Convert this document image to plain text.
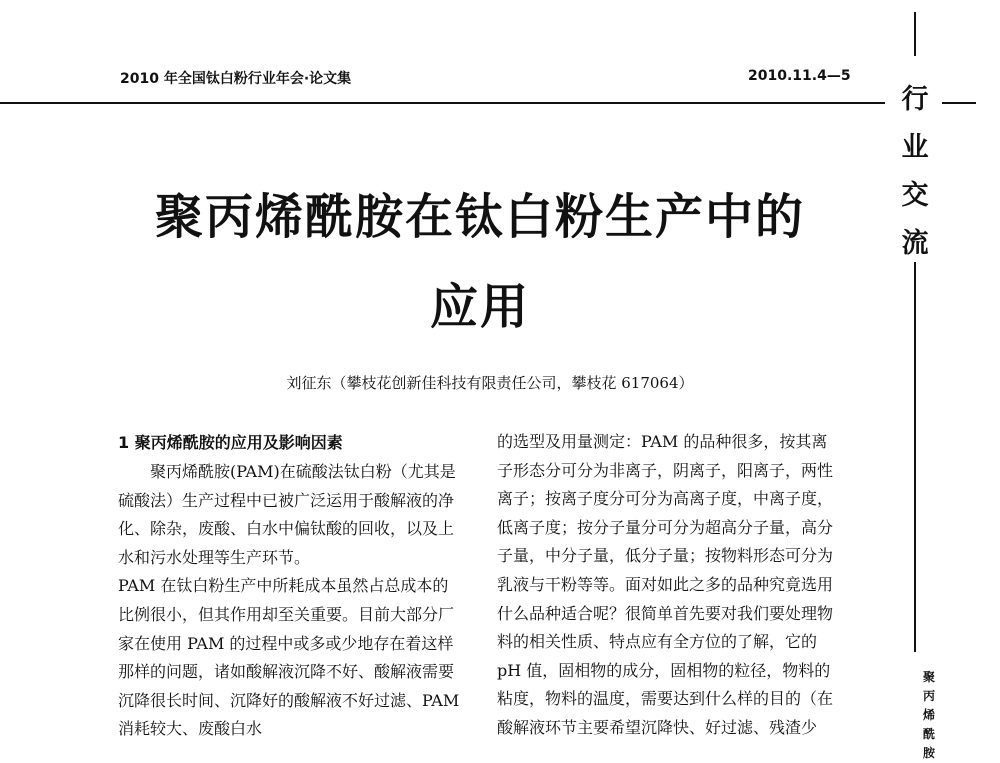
2010 年全国钛白粉行业年会·论文集	2010.11.4—5
行
业
交
流
聚
丙
烯
酰
胺
聚丙烯酰胺在钛白粉生产中的
应用
刘征东（攀枝花创新佳科技有限责任公司，攀枝花 617064）

1 聚丙烯酰胺的应用及影响因素

聚丙烯酰胺(PAM)在硫酸法钛白粉（尤其是硫酸法）生产过程中已被广泛运用于酸解液的净化、除杂，废酸、白水中偏钛酸的回收，以及上水和污水处理等生产环节。

PAM 在钛白粉生产中所耗成本虽然占总成本的比例很小，但其作用却至关重要。目前大部分厂家在使用 PAM 的过程中或多或少地存在着这样那样的问题，诸如酸解液沉降不好、酸解液需要沉降很长时间、沉降好的酸解液不好过滤、PAM 消耗较大、废酸白水

的选型及用量测定：PAM 的品种很多，按其离子形态分可分为非离子，阴离子，阳离子，两性离子；按离子度分可分为高离子度，中离子度，低离子度；按分子量分可分为超高分子量，高分子量，中分子量，低分子量；按物料形态可分为乳液与干粉等等。面对如此之多的品种究竟选用什么品种适合呢？很简单首先要对我们要处理物料的相关性质、特点应有全方位的了解，它的 pH 值，固相物的成分，固相物的粒径，物料的粘度，物料的温度，需要达到什么样的目的（在酸解液环节主要希望沉降快、好过滤、残渣少
